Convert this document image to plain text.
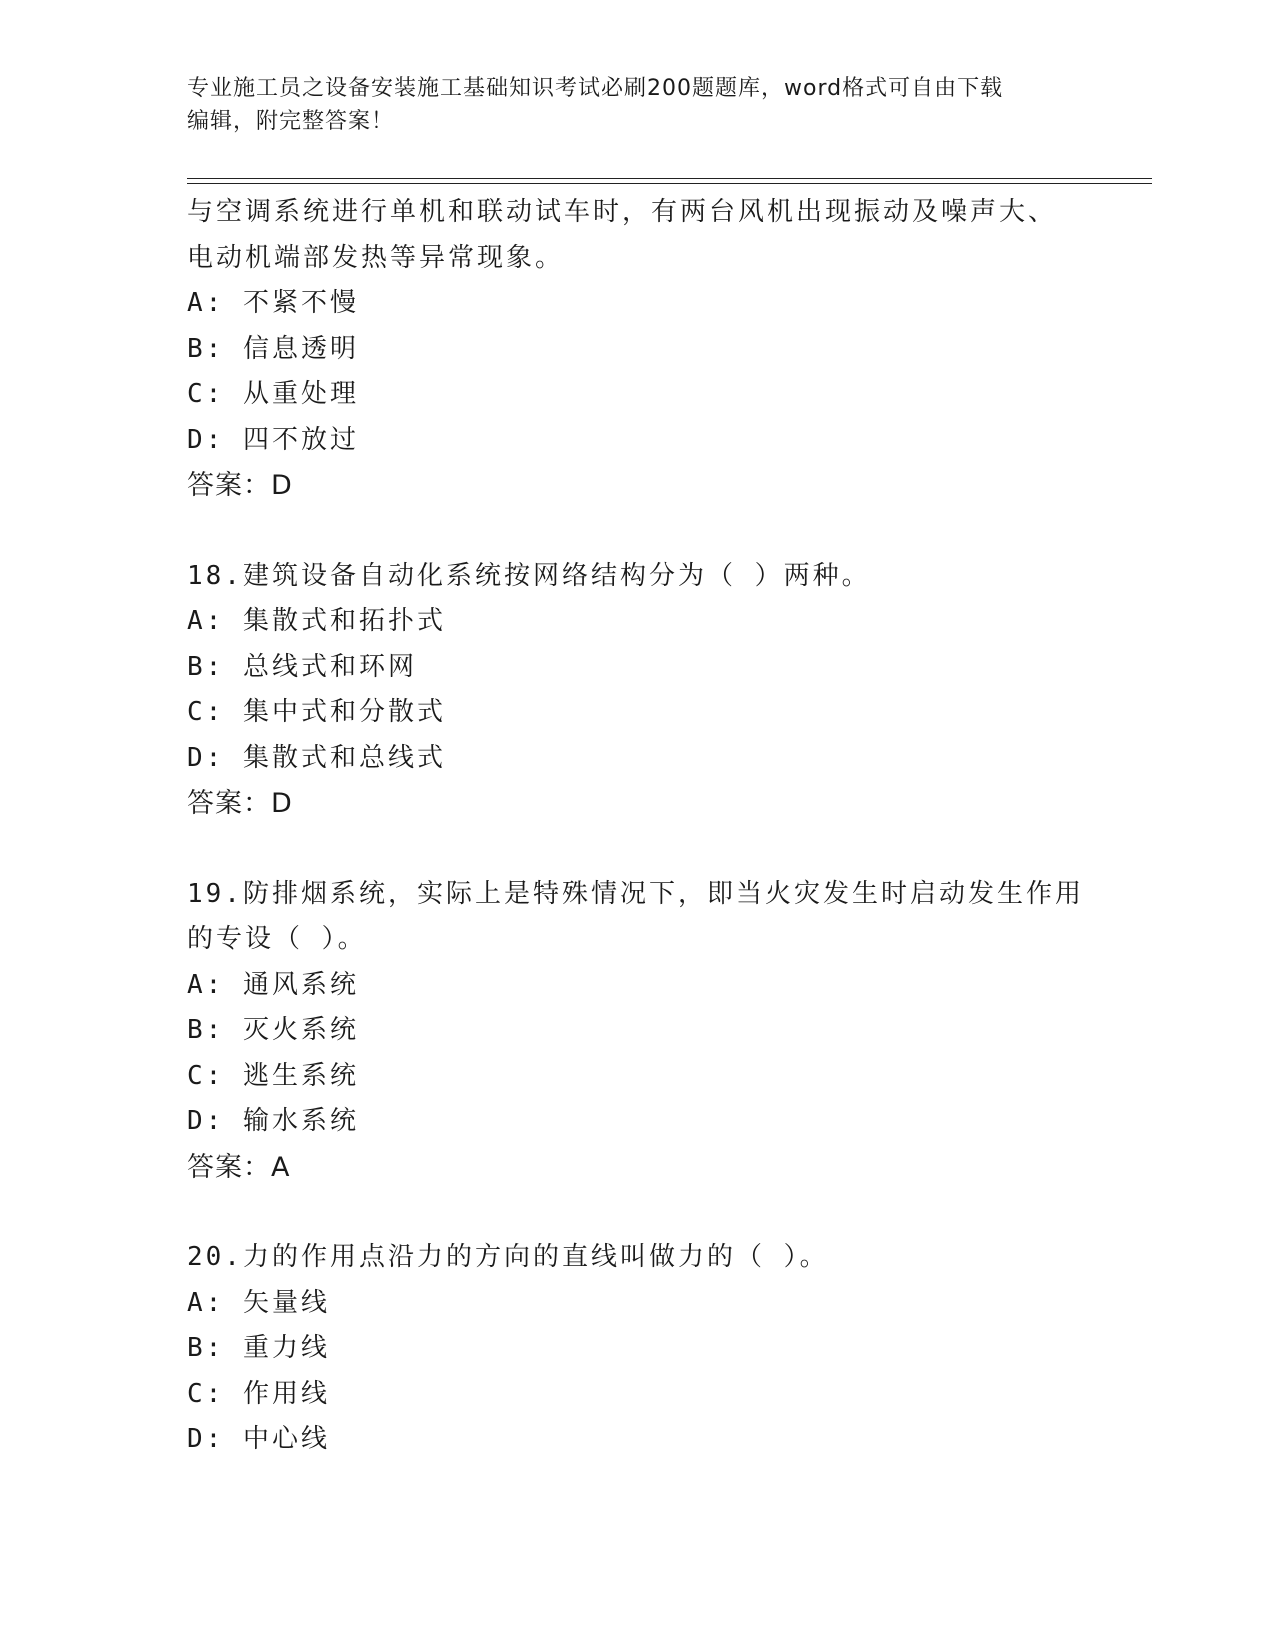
专业施工员之设备安装施工基础知识考试必刷200题题库，word格式可自由下载
编辑，附完整答案！
与空调系统进行单机和联动试车时，有两台风机出现振动及噪声大、
电动机端部发热等异常现象。
A: 不紧不慢
B: 信息透明
C: 从重处理
D: 四不放过
答案：D
18.建筑设备自动化系统按网络结构分为（ ）两种。
A: 集散式和拓扑式
B: 总线式和环网
C: 集中式和分散式
D: 集散式和总线式
答案：D
19.防排烟系统，实际上是特殊情况下，即当火灾发生时启动发生作用
的专设（ ）。
A: 通风系统
B: 灭火系统
C: 逃生系统
D: 输水系统
答案：A
20.力的作用点沿力的方向的直线叫做力的（ ）。
A: 矢量线
B: 重力线
C: 作用线
D: 中心线
